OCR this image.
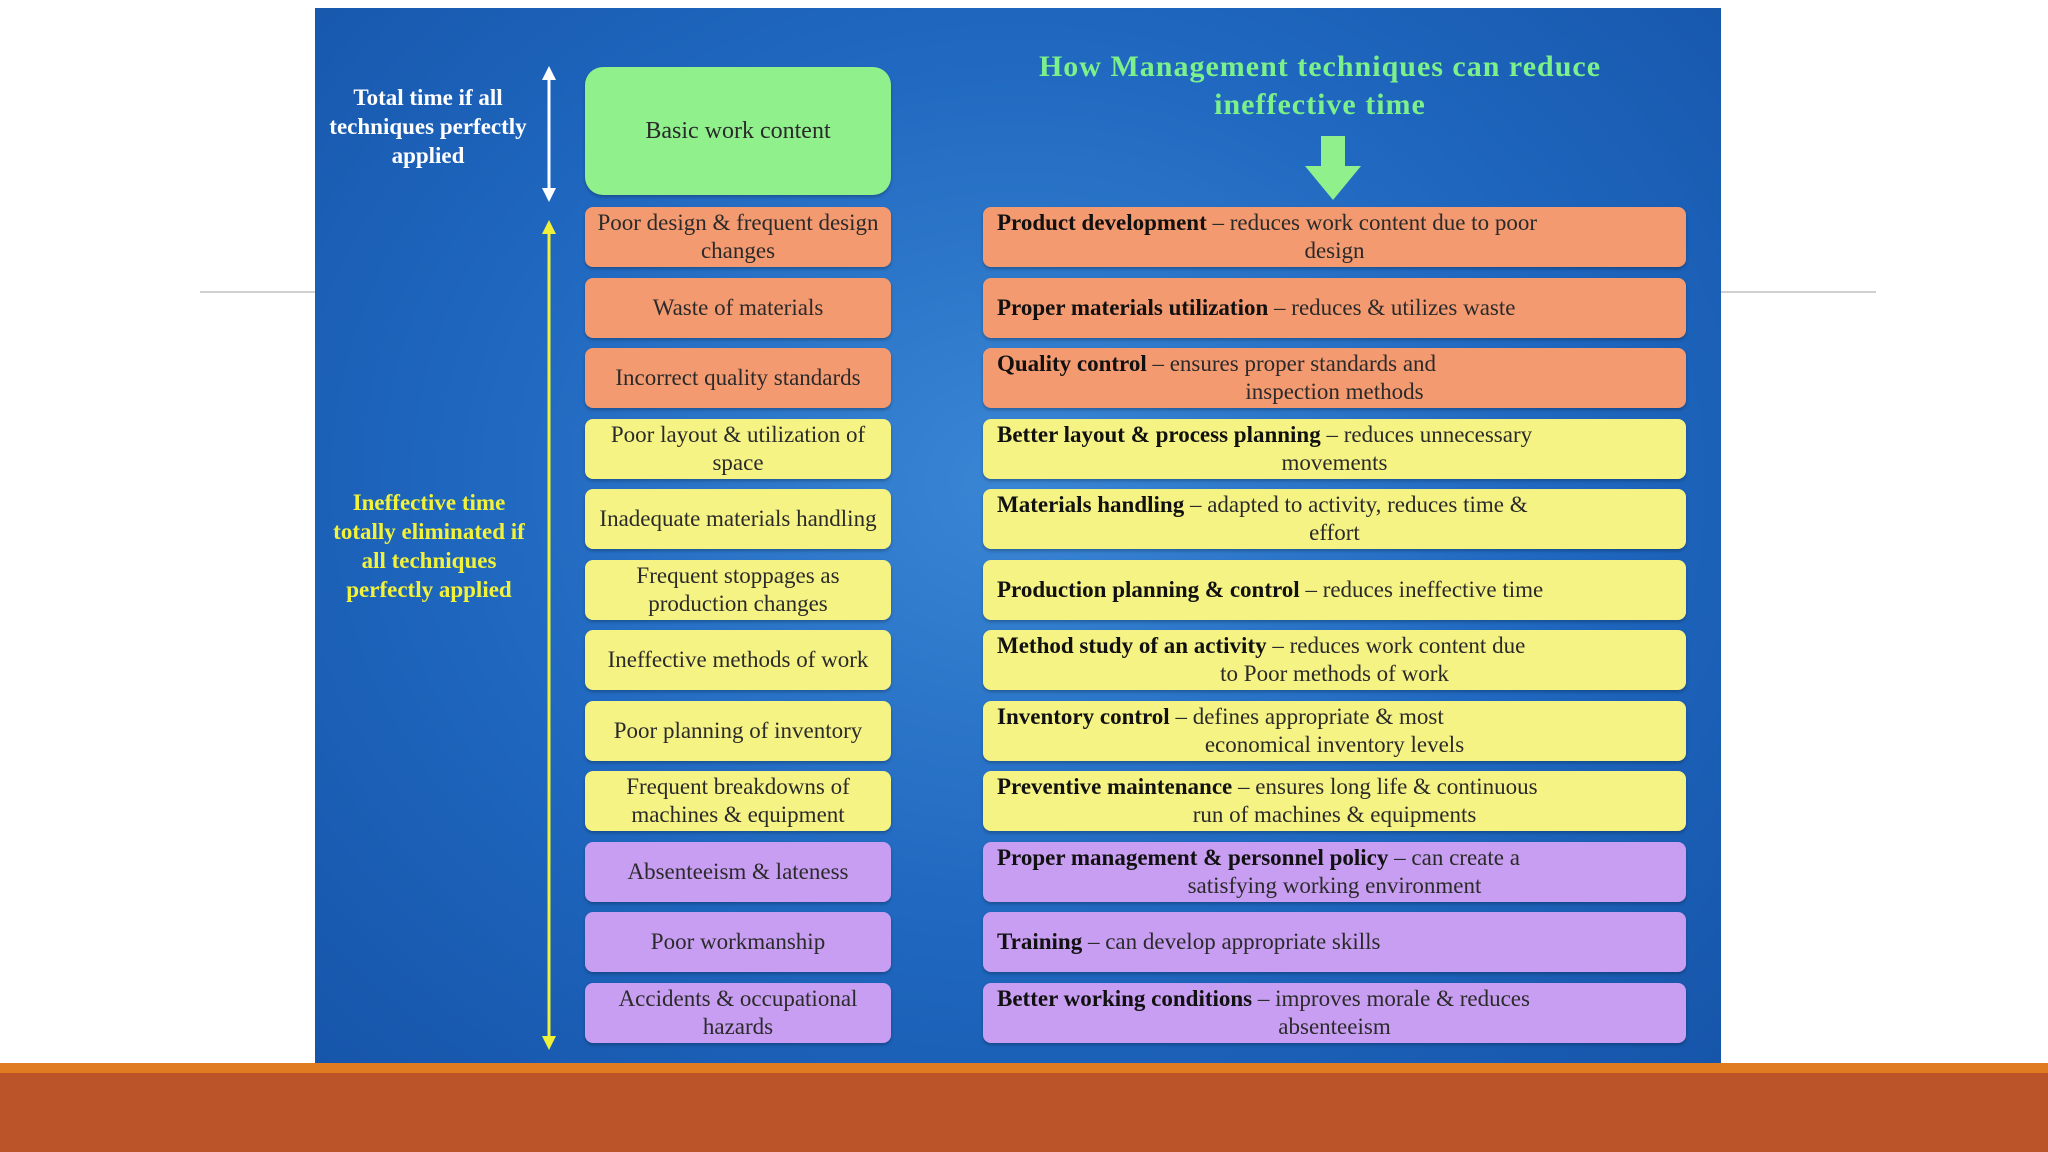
Total time if all techniques perfectly applied
Ineffective time totally eliminated if all techniques perfectly applied
Basic work content
How Management techniques can reduce ineffective time
Poor design & frequent design changes
Product development – reduces work content due to poor
design
Waste of materials	Proper materials utilization – reduces & utilizes waste
Incorrect quality standards
Quality control – ensures proper standards and
inspection methods
Poor layout & utilization of space
Better layout & process planning – reduces unnecessary
movements
Inadequate materials handling
Materials handling – adapted to activity, reduces time &
effort
Frequent stoppages as production changes
Production planning & control – reduces ineffective time
Ineffective methods of work
Method study of an activity – reduces work content due
to Poor methods of work
Poor planning of inventory
Inventory control – defines appropriate & most
economical inventory levels
Frequent breakdowns of machines & equipment
Preventive maintenance – ensures long life & continuous
run of machines & equipments
Absenteeism & lateness
Proper management & personnel policy – can create a
satisfying working environment
Poor workmanship	Training – can develop appropriate skills
Accidents & occupational hazards
Better working conditions – improves morale & reduces
absenteeism
